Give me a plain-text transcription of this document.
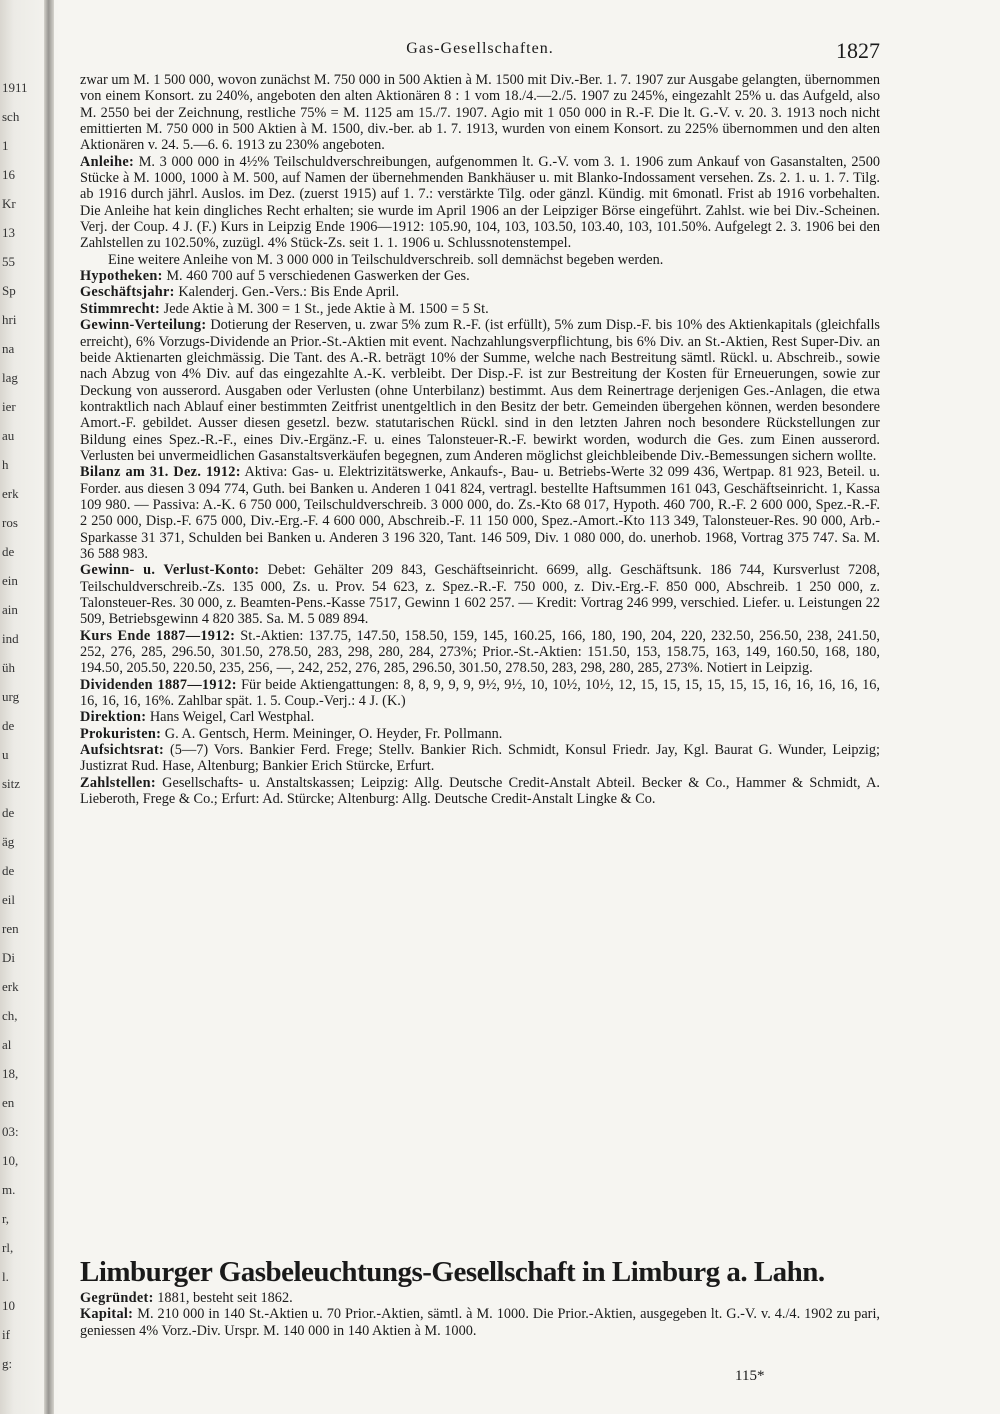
1911
sch
1
16
Kr
13
55
Sp
hri
na
lag
ier
au
h
erk
ros
de
ein
ain
ind
üh
urg
de
u
sitz
de
äg
de
eil
ren
Di
erk
ch,
al
18,
en
03:
10,
m.
r,
rl,
l.
10
if
g:
Gas-Gesellschaften.	1827

zwar um M. 1 500 000, wovon zunächst M. 750 000 in 500 Aktien à M. 1500 mit Div.-Ber. 1. 7. 1907 zur Ausgabe gelangten, übernommen von einem Konsort. zu 240%, angeboten den alten Aktionären 8 : 1 vom 18./4.—2./5. 1907 zu 245%, eingezahlt 25% u. das Aufgeld, also M. 2550 bei der Zeichnung, restliche 75% = M. 1125 am 15./7. 1907. Agio mit 1 050 000 in R.-F. Die lt. G.-V. v. 20. 3. 1913 noch nicht emittierten M. 750 000 in 500 Aktien à M. 1500, div.-ber. ab 1. 7. 1913, wurden von einem Konsort. zu 225% übernommen und den alten Aktionären v. 24. 5.—6. 6. 1913 zu 230% angeboten.

Anleihe: M. 3 000 000 in 4½% Teilschuldverschreibungen, aufgenommen lt. G.-V. vom 3. 1. 1906 zum Ankauf von Gasanstalten, 2500 Stücke à M. 1000, 1000 à M. 500, auf Namen der übernehmenden Bankhäuser u. mit Blanko-Indossament versehen. Zs. 2. 1. u. 1. 7. Tilg. ab 1916 durch jährl. Auslos. im Dez. (zuerst 1915) auf 1. 7.: verstärkte Tilg. oder gänzl. Kündig. mit 6monatl. Frist ab 1916 vorbehalten. Die Anleihe hat kein dingliches Recht erhalten; sie wurde im April 1906 an der Leipziger Börse eingeführt. Zahlst. wie bei Div.-Scheinen. Verj. der Coup. 4 J. (F.) Kurs in Leipzig Ende 1906—1912: 105.90, 104, 103, 103.50, 103.40, 103, 101.50%. Aufgelegt 2. 3. 1906 bei den Zahlstellen zu 102.50%, zuzügl. 4% Stück-Zs. seit 1. 1. 1906 u. Schlussnotenstempel.

Eine weitere Anleihe von M. 3 000 000 in Teilschuldverschreib. soll demnächst begeben werden.

Hypotheken: M. 460 700 auf 5 verschiedenen Gaswerken der Ges.

Geschäftsjahr: Kalenderj. Gen.-Vers.: Bis Ende April.

Stimmrecht: Jede Aktie à M. 300 = 1 St., jede Aktie à M. 1500 = 5 St.

Gewinn-Verteilung: Dotierung der Reserven, u. zwar 5% zum R.-F. (ist erfüllt), 5% zum Disp.-F. bis 10% des Aktienkapitals (gleichfalls erreicht), 6% Vorzugs-Dividende an Prior.-St.-Aktien mit event. Nachzahlungsverpflichtung, bis 6% Div. an St.-Aktien, Rest Super-Div. an beide Aktienarten gleichmässig. Die Tant. des A.-R. beträgt 10% der Summe, welche nach Bestreitung sämtl. Rückl. u. Abschreib., sowie nach Abzug von 4% Div. auf das eingezahlte A.-K. verbleibt. Der Disp.-F. ist zur Bestreitung der Kosten für Erneuerungen, sowie zur Deckung von ausserord. Ausgaben oder Verlusten (ohne Unterbilanz) bestimmt. Aus dem Reinertrage derjenigen Ges.-Anlagen, die etwa kontraktlich nach Ablauf einer bestimmten Zeitfrist unentgeltlich in den Besitz der betr. Gemeinden übergehen können, werden besondere Amort.-F. gebildet. Ausser diesen gesetzl. bezw. statutarischen Rückl. sind in den letzten Jahren noch besondere Rückstellungen zur Bildung eines Spez.-R.-F., eines Div.-Ergänz.-F. u. eines Talonsteuer-R.-F. bewirkt worden, wodurch die Ges. zum Einen ausserord. Verlusten bei unvermeidlichen Gasanstaltsverkäufen begegnen, zum Anderen möglichst gleichbleibende Div.-Bemessungen sichern wollte.

Bilanz am 31. Dez. 1912: Aktiva: Gas- u. Elektrizitätswerke, Ankaufs-, Bau- u. Betriebs-Werte 32 099 436, Wertpap. 81 923, Beteil. u. Forder. aus diesen 3 094 774, Guth. bei Banken u. Anderen 1 041 824, vertragl. bestellte Haftsummen 161 043, Geschäftseinricht. 1, Kassa 109 980. — Passiva: A.-K. 6 750 000, Teilschuldverschreib. 3 000 000, do. Zs.-Kto 68 017, Hypoth. 460 700, R.-F. 2 600 000, Spez.-R.-F. 2 250 000, Disp.-F. 675 000, Div.-Erg.-F. 4 600 000, Abschreib.-F. 11 150 000, Spez.-Amort.-Kto 113 349, Talonsteuer-Res. 90 000, Arb.-Sparkasse 31 371, Schulden bei Banken u. Anderen 3 196 320, Tant. 146 509, Div. 1 080 000, do. unerhob. 1968, Vortrag 375 747. Sa. M. 36 588 983.

Gewinn- u. Verlust-Konto: Debet: Gehälter 209 843, Geschäftseinricht. 6699, allg. Geschäftsunk. 186 744, Kursverlust 7208, Teilschuldverschreib.-Zs. 135 000, Zs. u. Prov. 54 623, z. Spez.-R.-F. 750 000, z. Div.-Erg.-F. 850 000, Abschreib. 1 250 000, z. Talonsteuer-Res. 30 000, z. Beamten-Pens.-Kasse 7517, Gewinn 1 602 257. — Kredit: Vortrag 246 999, verschied. Liefer. u. Leistungen 22 509, Betriebsgewinn 4 820 385. Sa. M. 5 089 894.

Kurs Ende 1887—1912: St.-Aktien: 137.75, 147.50, 158.50, 159, 145, 160.25, 166, 180, 190, 204, 220, 232.50, 256.50, 238, 241.50, 252, 276, 285, 296.50, 301.50, 278.50, 283, 298, 280, 284, 273%; Prior.-St.-Aktien: 151.50, 153, 158.75, 163, 149, 160.50, 168, 180, 194.50, 205.50, 220.50, 235, 256, —, 242, 252, 276, 285, 296.50, 301.50, 278.50, 283, 298, 280, 285, 273%. Notiert in Leipzig.

Dividenden 1887—1912: Für beide Aktiengattungen: 8, 8, 9, 9, 9, 9½, 9½, 10, 10½, 10½, 12, 15, 15, 15, 15, 15, 15, 16, 16, 16, 16, 16, 16, 16, 16, 16%. Zahlbar spät. 1. 5. Coup.-Verj.: 4 J. (K.)

Direktion: Hans Weigel, Carl Westphal.

Prokuristen: G. A. Gentsch, Herm. Meininger, O. Heyder, Fr. Pollmann.

Aufsichtsrat: (5—7) Vors. Bankier Ferd. Frege; Stellv. Bankier Rich. Schmidt, Konsul Friedr. Jay, Kgl. Baurat G. Wunder, Leipzig; Justizrat Rud. Hase, Altenburg; Bankier Erich Stürcke, Erfurt.

Zahlstellen: Gesellschafts- u. Anstaltskassen; Leipzig: Allg. Deutsche Credit-Anstalt Abteil. Becker & Co., Hammer & Schmidt, A. Lieberoth, Frege & Co.; Erfurt: Ad. Stürcke; Altenburg: Allg. Deutsche Credit-Anstalt Lingke & Co.

Limburger Gasbeleuchtungs-Gesellschaft in Limburg a. Lahn.

Gegründet: 1881, besteht seit 1862.

Kapital: M. 210 000 in 140 St.-Aktien u. 70 Prior.-Aktien, sämtl. à M. 1000. Die Prior.-Aktien, ausgegeben lt. G.-V. v. 4./4. 1902 zu pari, geniessen 4% Vorz.-Div. Urspr. M. 140 000 in 140 Aktien à M. 1000.

115*
